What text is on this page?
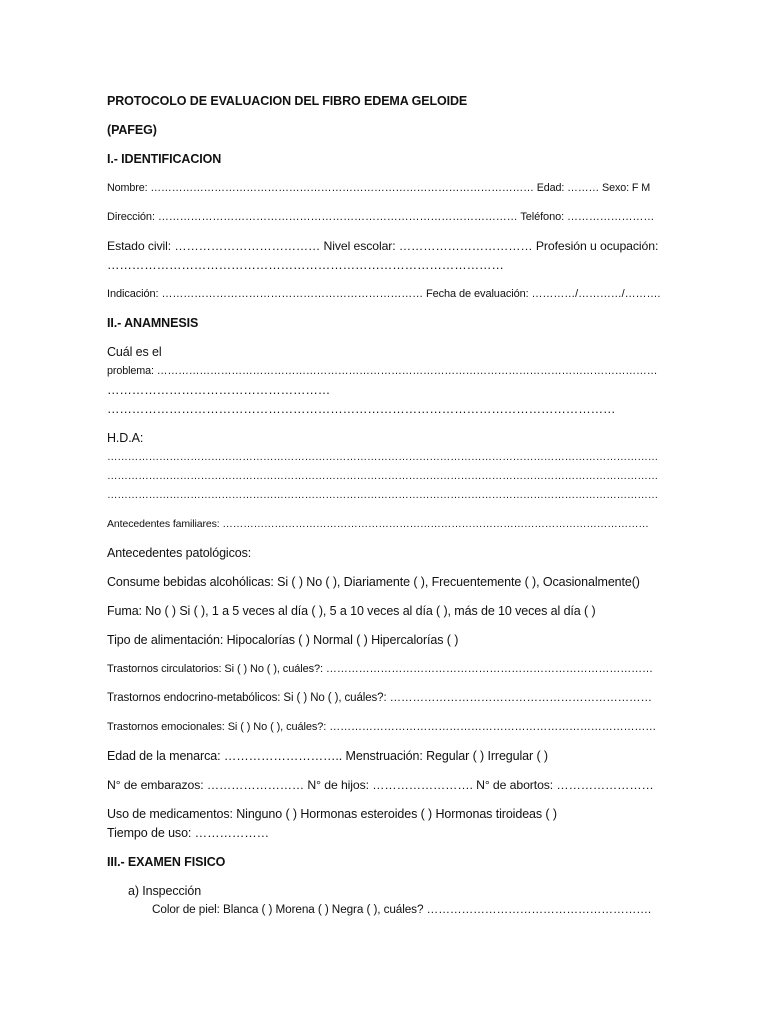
PROTOCOLO DE EVALUACION DEL FIBRO EDEMA GELOIDE
(PAFEG)
I.- IDENTIFICACION
Nombre: ……………………………………………………………………………………………… Edad: ……… Sexo: F M
Dirección: ……………………………………………………………………………………… Teléfono: ……………………
Estado civil: ……………………………… Nivel escolar: …………………………… Profesión u ocupación:
……………………………………………………………………………………
Indicación: ……………………………………………………………… Fecha de evaluación: …………/…………/……….
II.- ANAMNESIS
Cuál es el
problema: ……………………………………………………………………………………………………………………………
………………………………………………
……………………………………………………………………………………………………………
H.D.A:
……………………………………………………………………………………………………………………………………………
……………………………………………………………………………………………………………………………………………
……………………………………………………………………………………………………………………………………………
Antecedentes familiares: ……………………………………………………………………………………………………………
Antecedentes patológicos:
Consume bebidas alcohólicas: Si ( ) No ( ), Diariamente ( ), Frecuentemente ( ), Ocasionalmente()
Fuma: No ( ) Si ( ), 1 a 5 veces al día ( ), 5 a 10 veces al día ( ), más de 10 veces al día ( )
Tipo de alimentación: Hipocalorías ( ) Normal ( ) Hipercalorías ( )
Trastornos circulatorios: Si ( ) No ( ), cuáles?: ………………………………………………………………………………
Trastornos endocrino-metabólicos: Si ( ) No ( ), cuáles?: ……………………………………………………………
Trastornos emocionales: Si ( ) No ( ), cuáles?: ………………………………………………………………………………
Edad de la menarca: ……………………….. Menstruación: Regular ( ) Irregular ( )
N° de embarazos: …………………… N° de hijos: ……………………. N° de abortos: ……………………
Uso de medicamentos: Ninguno ( ) Hormonas esteroides ( ) Hormonas tiroideas ( )
Tiempo de uso: ………………
III.- EXAMEN FISICO
a) Inspección
Color de piel: Blanca ( ) Morena ( ) Negra ( ), cuáles? ………………………………………………….
